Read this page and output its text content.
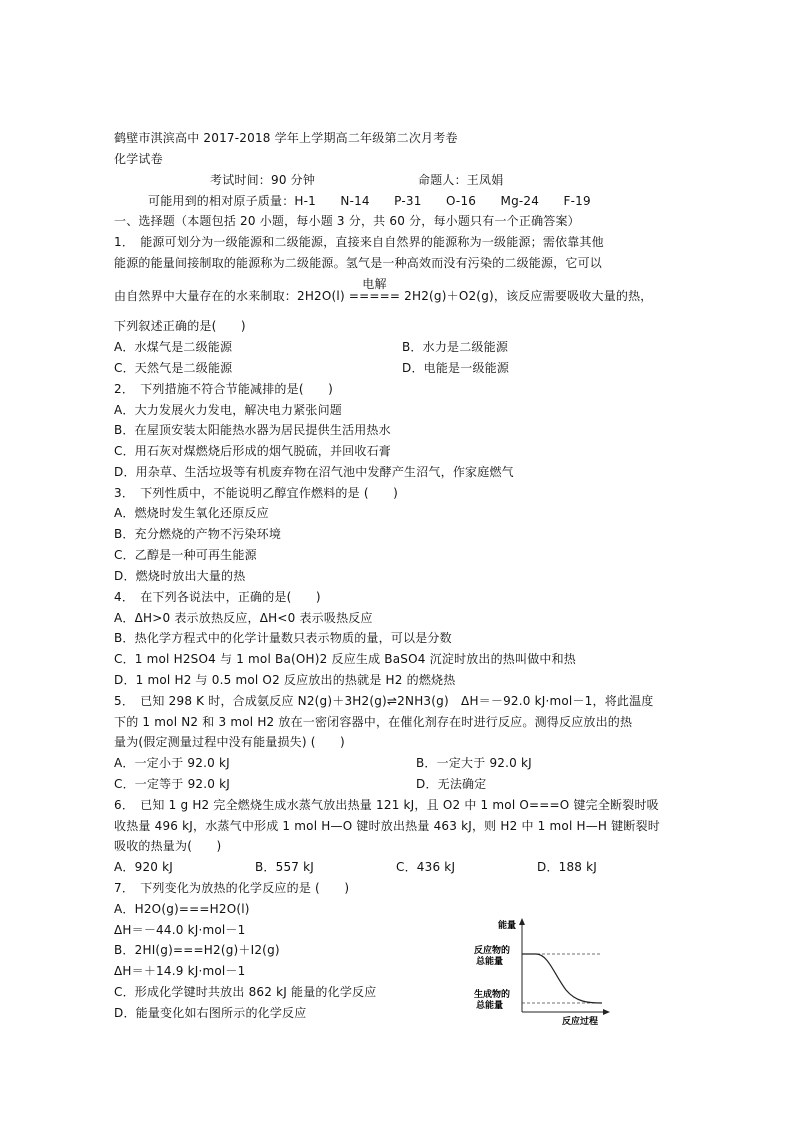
鹤壁市淇滨高中 2017-2018 学年上学期高二年级第二次月考卷
化学试卷
考试时间：90 分钟	命题人：王凤娟
可能用到的相对原子质量：H-1　　N-14　　P-31　　O-16　　Mg-24　　F-19
一、选择题（本题包括 20 小题，每小题 3 分，共 60 分，每小题只有一个正确答案）
1．　能源可划分为一级能源和二级能源，直接来自自然界的能源称为一级能源；需依靠其他
能源的能量间接制取的能源称为二级能源。氢气是一种高效而没有污染的二级能源，它可以
由自然界中大量存在的水来制取：2H2O(l)
电解
===== 2H2(g)＋O2(g)，该反应需要吸收大量的热，
下列叙述正确的是(　　)
A．水煤气是二级能源	B．水力是二级能源
C．天然气是二级能源	D．电能是一级能源
2．　下列措施不符合节能减排的是(　　)
A．大力发展火力发电，解决电力紧张问题
B．在屋顶安装太阳能热水器为居民提供生活用热水
C．用石灰对煤燃烧后形成的烟气脱硫，并回收石膏
D．用杂草、生活垃圾等有机废弃物在沼气池中发酵产生沼气，作家庭燃气
3．　下列性质中，不能说明乙醇宜作燃料的是 (　　)
A．燃烧时发生氧化还原反应
B．充分燃烧的产物不污染环境
C．乙醇是一种可再生能源
D．燃烧时放出大量的热
4．　在下列各说法中，正确的是(　　)
A．ΔH>0 表示放热反应，ΔH<0 表示吸热反应
B．热化学方程式中的化学计量数只表示物质的量，可以是分数
C．1 mol H2SO4 与 1 mol Ba(OH)2 反应生成 BaSO4 沉淀时放出的热叫做中和热
D．1 mol H2 与 0.5 mol O2 反应放出的热就是 H2 的燃烧热
5．　已知 298 K 时，合成氨反应 N2(g)＋3H2(g)⇌2NH3(g)　ΔH＝－92.0 kJ·mol－1，将此温度
下的 1 mol N2 和 3 mol H2 放在一密闭容器中，在催化剂存在时进行反应。测得反应放出的热
量为(假定测量过程中没有能量损失) (　　)
A．一定小于 92.0 kJ	B．一定大于 92.0 kJ
C．一定等于 92.0 kJ	D．无法确定
6．　已知 1 g H2 完全燃烧生成水蒸气放出热量 121 kJ，且 O2 中 1 mol O===O 键完全断裂时吸
收热量 496 kJ，水蒸气中形成 1 mol H—O 键时放出热量 463 kJ，则 H2 中 1 mol H—H 键断裂时
吸收的热量为(　　)
A．920 kJ	B．557 kJ	C．436 kJ	D．188 kJ
7．　下列变化为放热的化学反应的是 (　　)
A．H2O(g)===H2O(l)
ΔH＝－44.0 kJ·mol－1
B．2HI(g)===H2(g)＋I2(g)
ΔH＝＋14.9 kJ·mol－1
C．形成化学键时共放出 862 kJ 能量的化学反应
D．能量变化如右图所示的化学反应
能量
反应物的
总能量
生成物的
总能量
反应过程
